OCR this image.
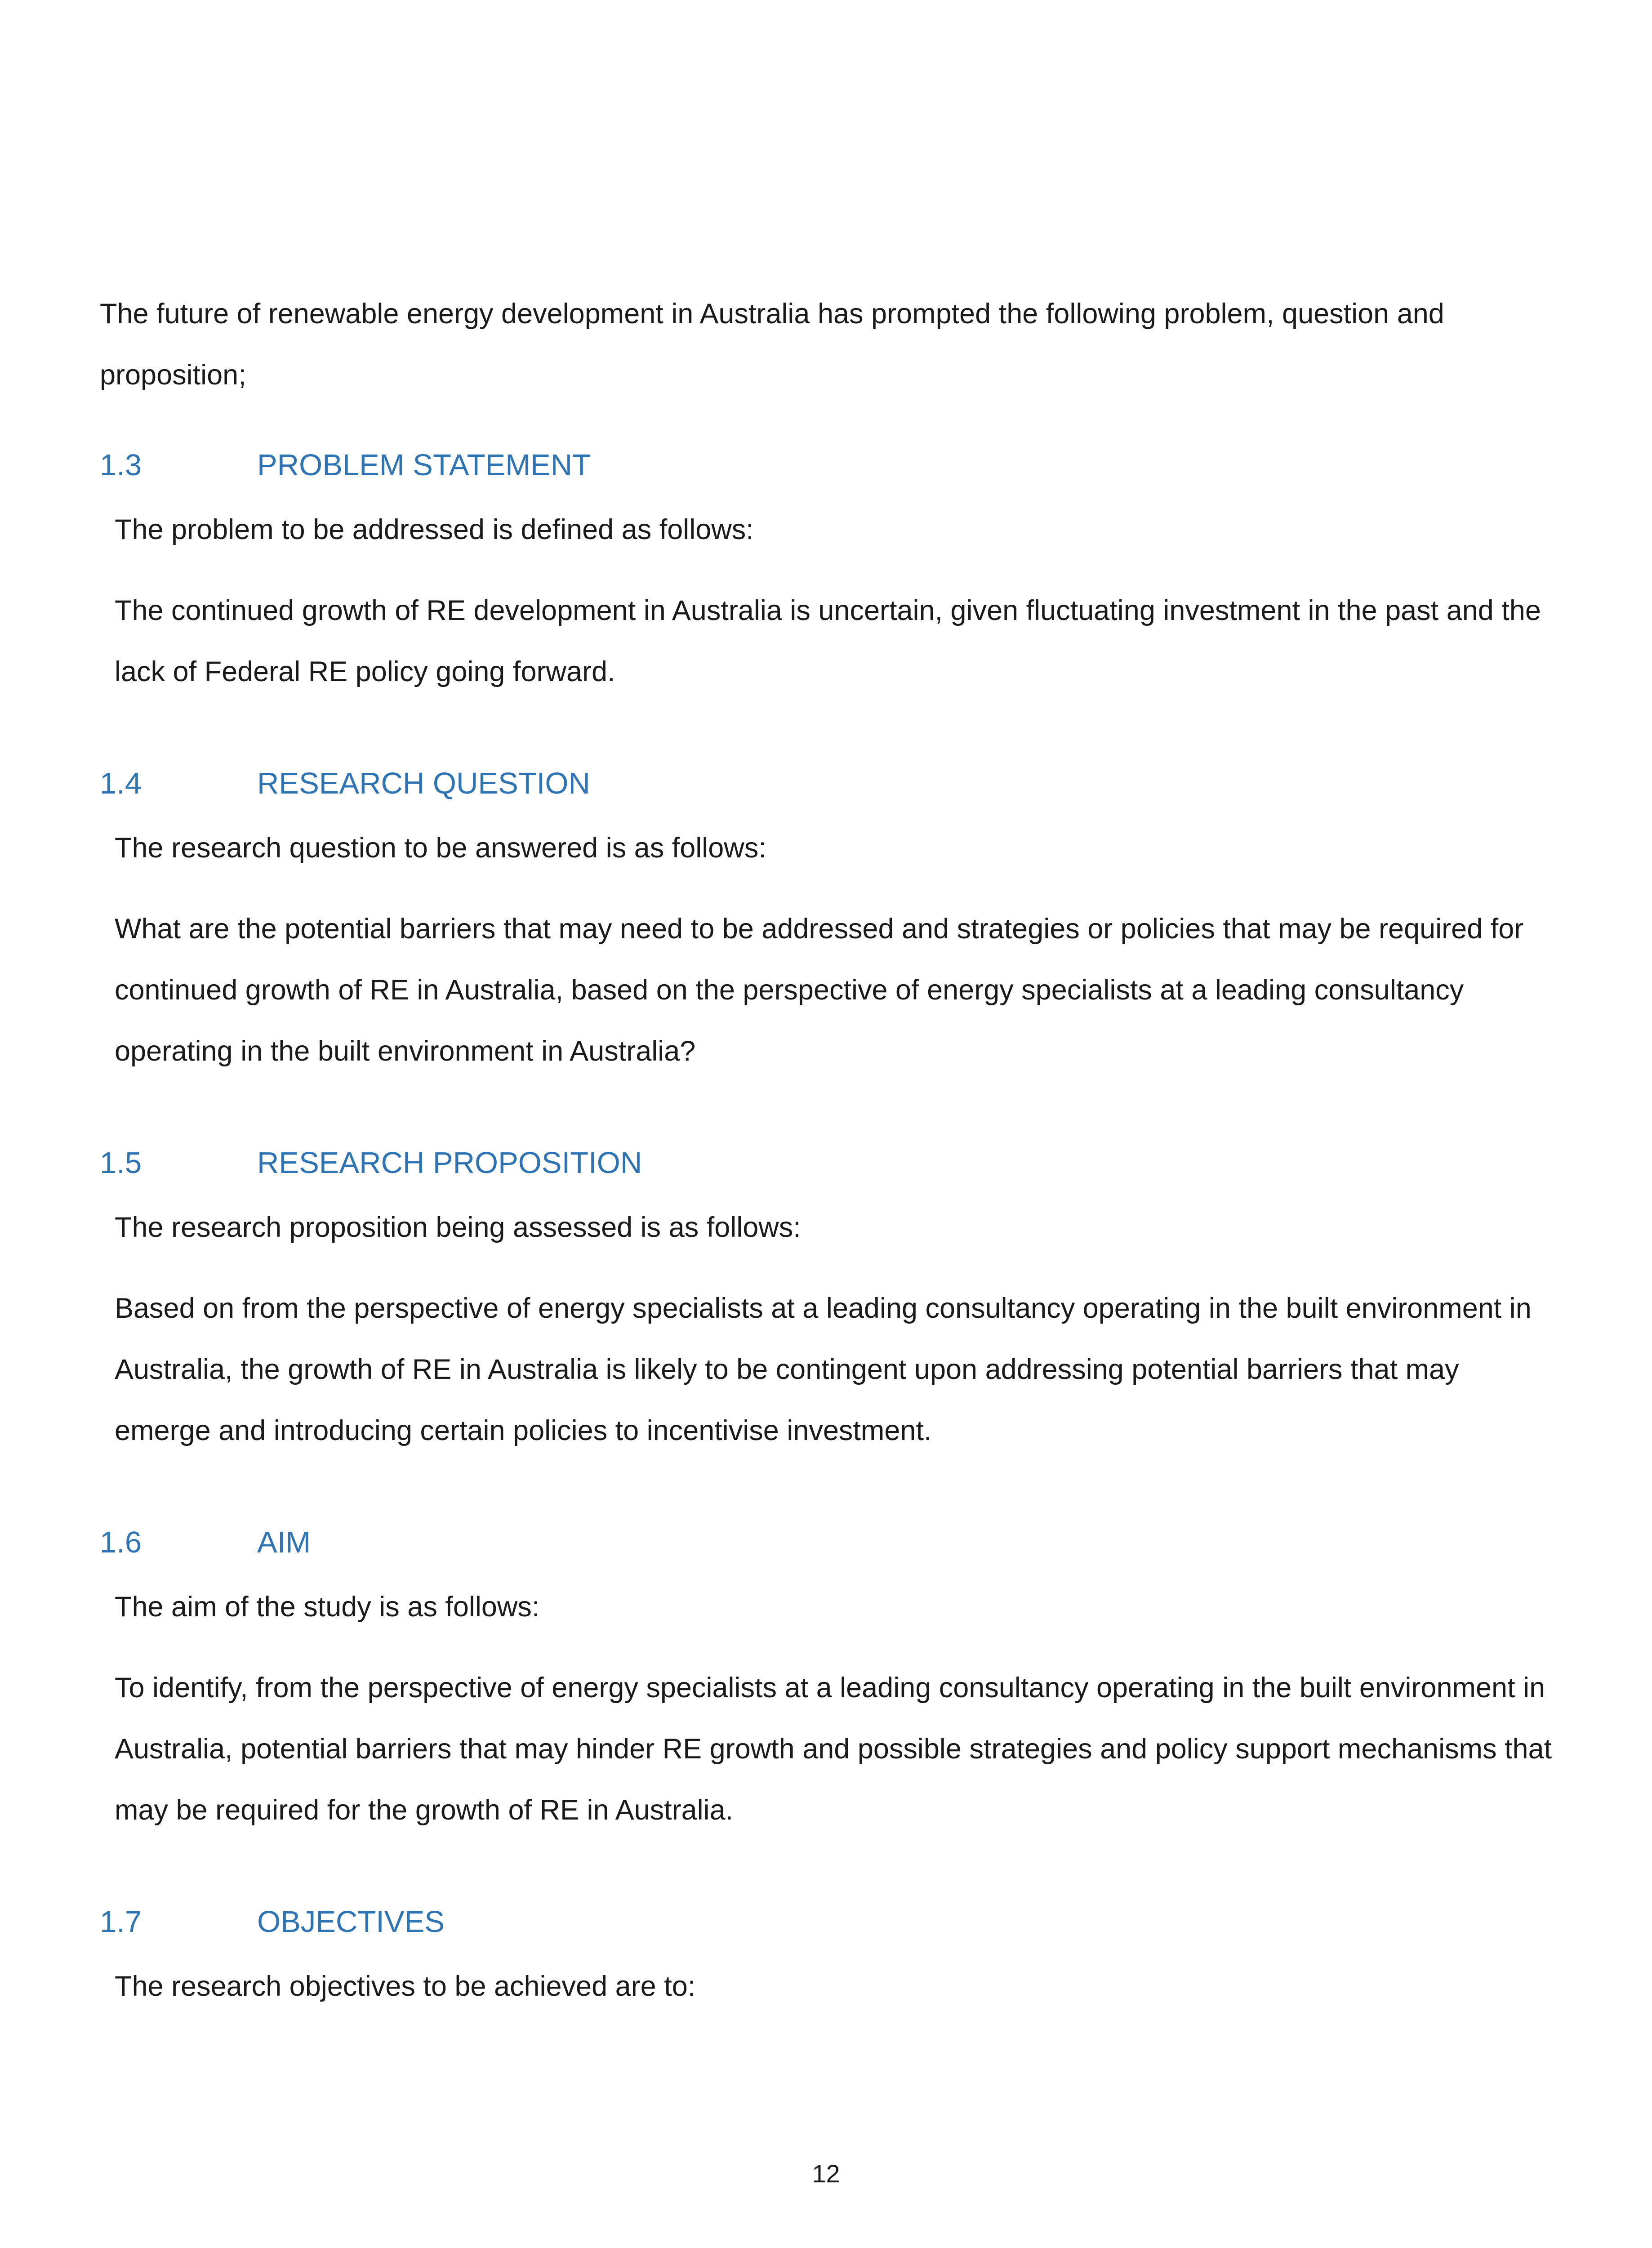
The future of renewable energy development in Australia has prompted the following problem, question and proposition;

1.3	PROBLEM STATEMENT

The problem to be addressed is defined as follows:

The continued growth of RE development in Australia is uncertain, given fluctuating investment in the past and the lack of Federal RE policy going forward.

1.4	RESEARCH QUESTION

The research question to be answered is as follows:

What are the potential barriers that may need to be addressed and strategies or policies that may be required for continued growth of RE in Australia, based on the perspective of energy specialists at a leading consultancy operating in the built environment in Australia?

1.5	RESEARCH PROPOSITION

The research proposition being assessed is as follows:

Based on from the perspective of energy specialists at a leading consultancy operating in the built environment in Australia, the growth of RE in Australia is likely to be contingent upon addressing potential barriers that may emerge and introducing certain policies to incentivise investment.

1.6	AIM

The aim of the study is as follows:

To identify, from the perspective of energy specialists at a leading consultancy operating in the built environment in Australia, potential barriers that may hinder RE growth and possible strategies and policy support mechanisms that may be required for the growth of RE in Australia.

1.7	OBJECTIVES

The research objectives to be achieved are to:

12
